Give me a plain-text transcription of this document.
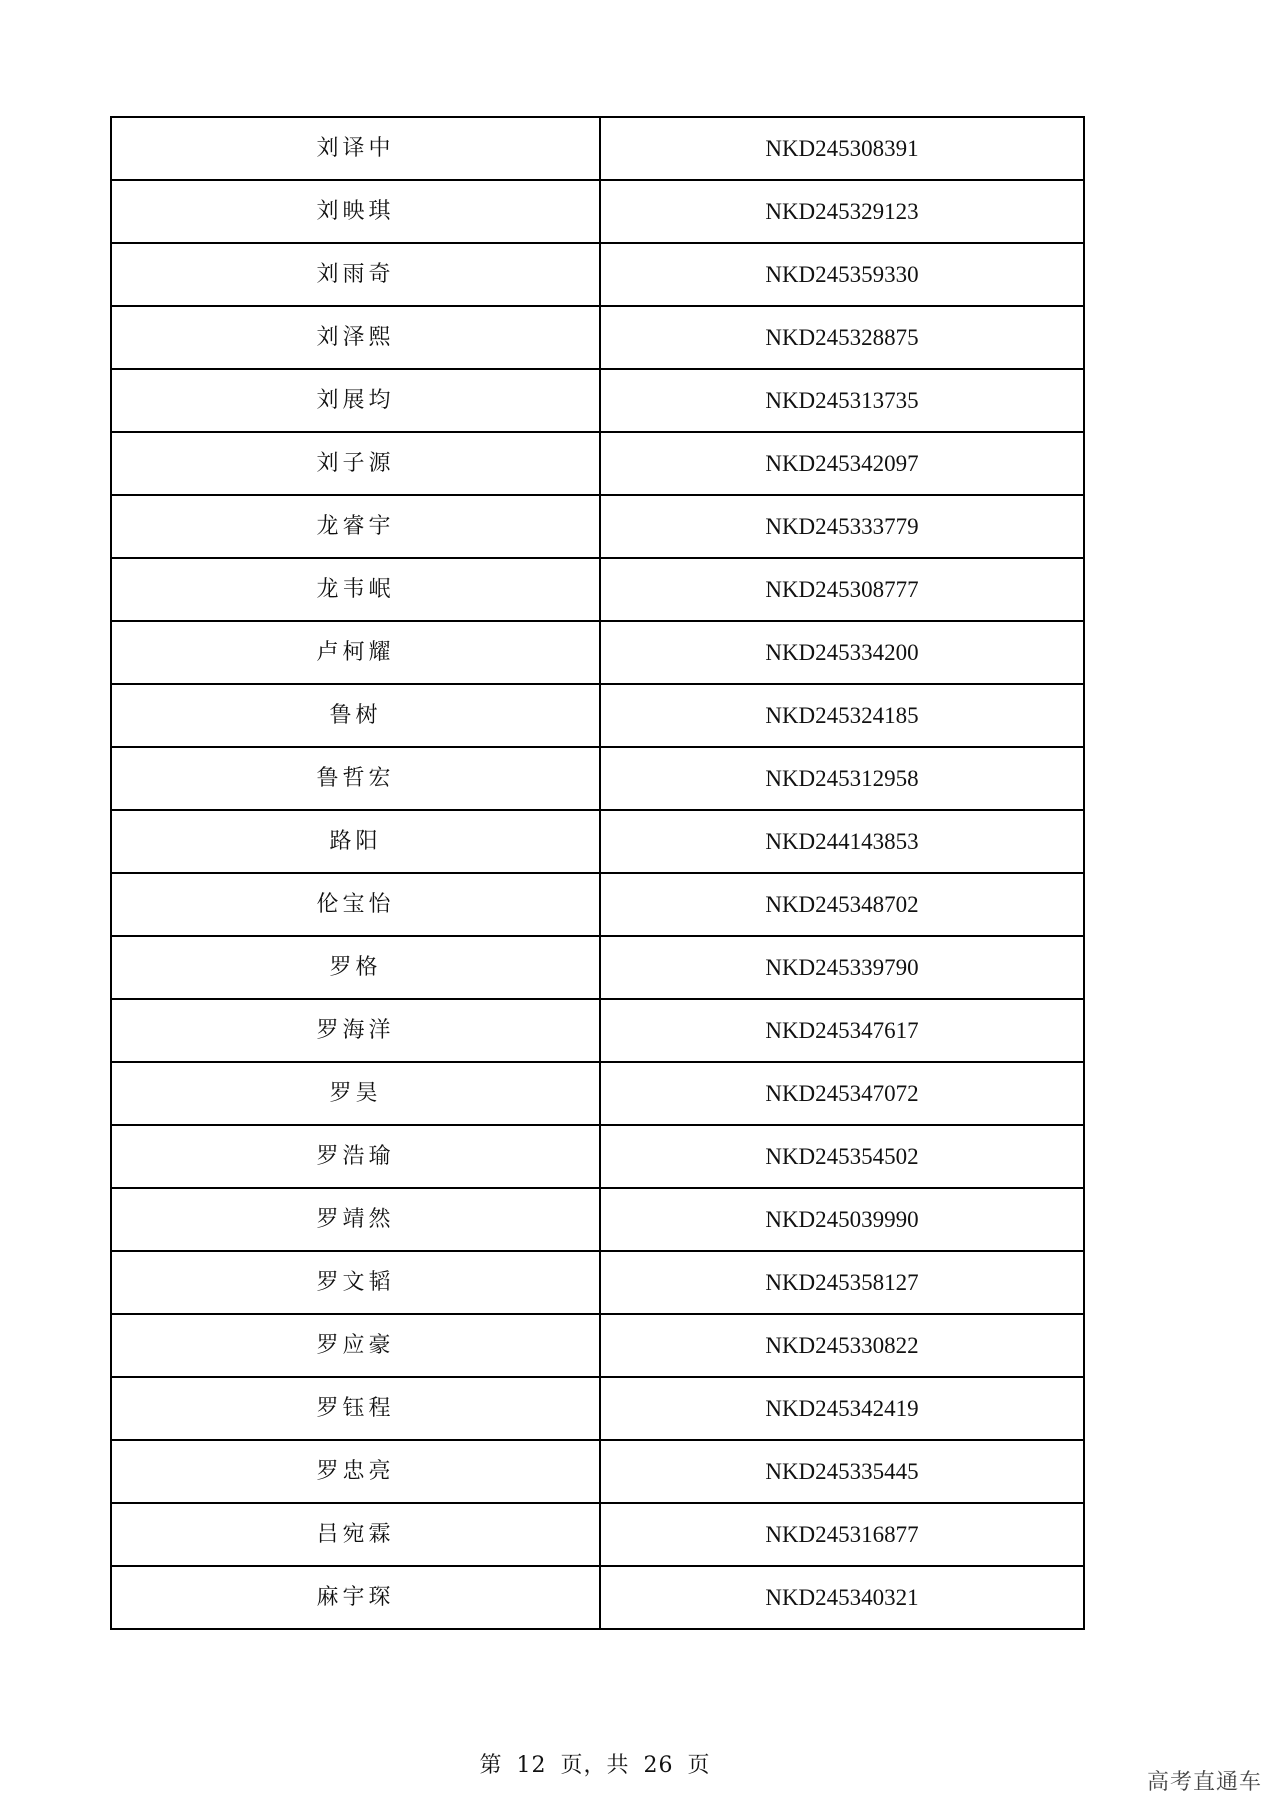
刘译中	NKD245308391
刘映琪	NKD245329123
刘雨奇	NKD245359330
刘泽熙	NKD245328875
刘展均	NKD245313735
刘子源	NKD245342097
龙睿宇	NKD245333779
龙韦岷	NKD245308777
卢柯耀	NKD245334200
鲁树	NKD245324185
鲁哲宏	NKD245312958
路阳	NKD244143853
伦宝怡	NKD245348702
罗格	NKD245339790
罗海洋	NKD245347617
罗昊	NKD245347072
罗浩瑜	NKD245354502
罗靖然	NKD245039990
罗文韬	NKD245358127
罗应豪	NKD245330822
罗钰程	NKD245342419
罗忠亮	NKD245335445
吕宛霖	NKD245316877
麻宇琛	NKD245340321
第 12 页，共 26 页
高考直通车
